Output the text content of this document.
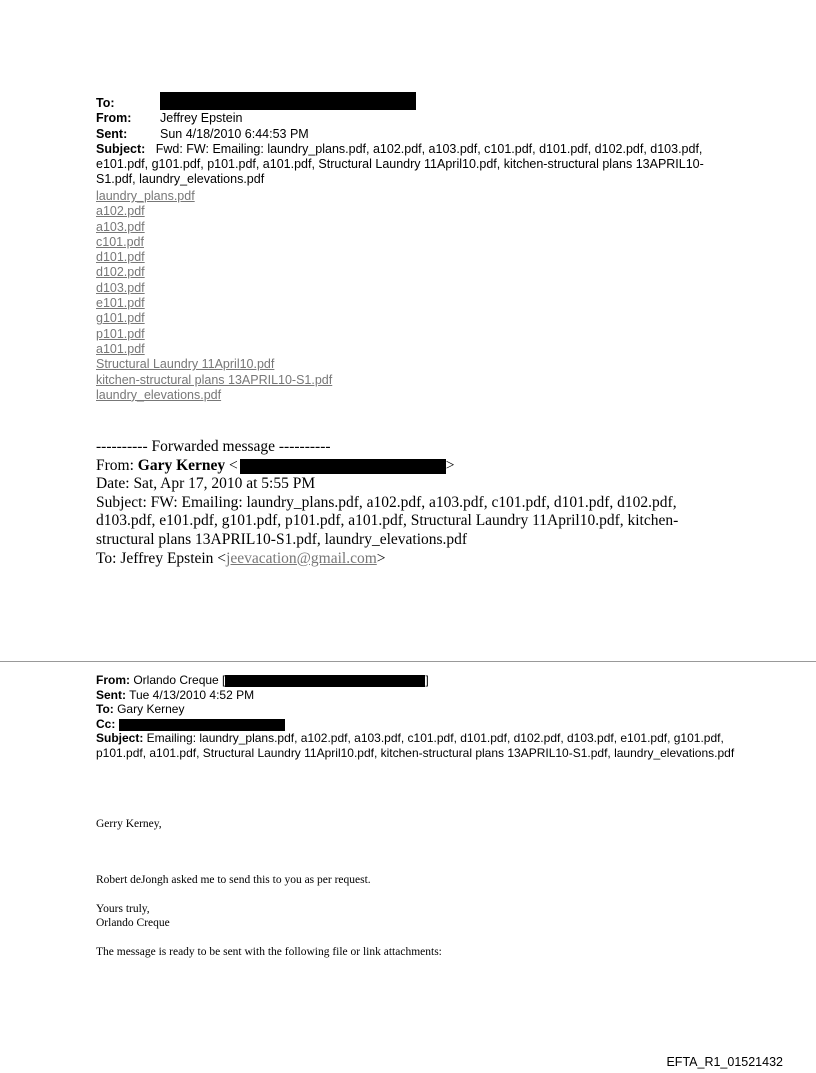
To:
From: Jeffrey Epstein
Sent:	Sun 4/18/2010 6:44:53 PM
Subject: Fwd: FW: Emailing: laundry_plans.pdf, a102.pdf, a103.pdf, c101.pdf, d101.pdf, d102.pdf, d103.pdf, e101.pdf, g101.pdf, p101.pdf, a101.pdf, Structural Laundry 11April10.pdf, kitchen-structural plans 13APRIL10-S1.pdf, laundry_elevations.pdf
laundry_plans.pdf
a102.pdf
a103.pdf
c101.pdf
d101.pdf
d102.pdf
d103.pdf
e101.pdf
g101.pdf
p101.pdf
a101.pdf
Structural Laundry 11April10.pdf
kitchen-structural plans 13APRIL10-S1.pdf
laundry_elevations.pdf
---------- Forwarded message ----------
From: Gary Kerney <	>
Date: Sat, Apr 17, 2010 at 5:55 PM
Subject: FW: Emailing: laundry_plans.pdf, a102.pdf, a103.pdf, c101.pdf, d101.pdf, d102.pdf, d103.pdf, e101.pdf, g101.pdf, p101.pdf, a101.pdf, Structural Laundry 11April10.pdf, kitchen-structural plans 13APRIL10-S1.pdf, laundry_elevations.pdf
To: Jeffrey Epstein <jeevacation@gmail.com>
From: Orlando Creque [	]
Sent: Tue 4/13/2010 4:52 PM
To: Gary Kerney
Cc:
Subject: Emailing: laundry_plans.pdf, a102.pdf, a103.pdf, c101.pdf, d101.pdf, d102.pdf, d103.pdf, e101.pdf, g101.pdf, p101.pdf, a101.pdf, Structural Laundry 11April10.pdf, kitchen-structural plans 13APRIL10-S1.pdf, laundry_elevations.pdf
Gerry Kerney,
Robert deJongh asked me to send this to you as per request.
Yours truly,
Orlando Creque
The message is ready to be sent with the following file or link attachments:
EFTA_R1_01521432
